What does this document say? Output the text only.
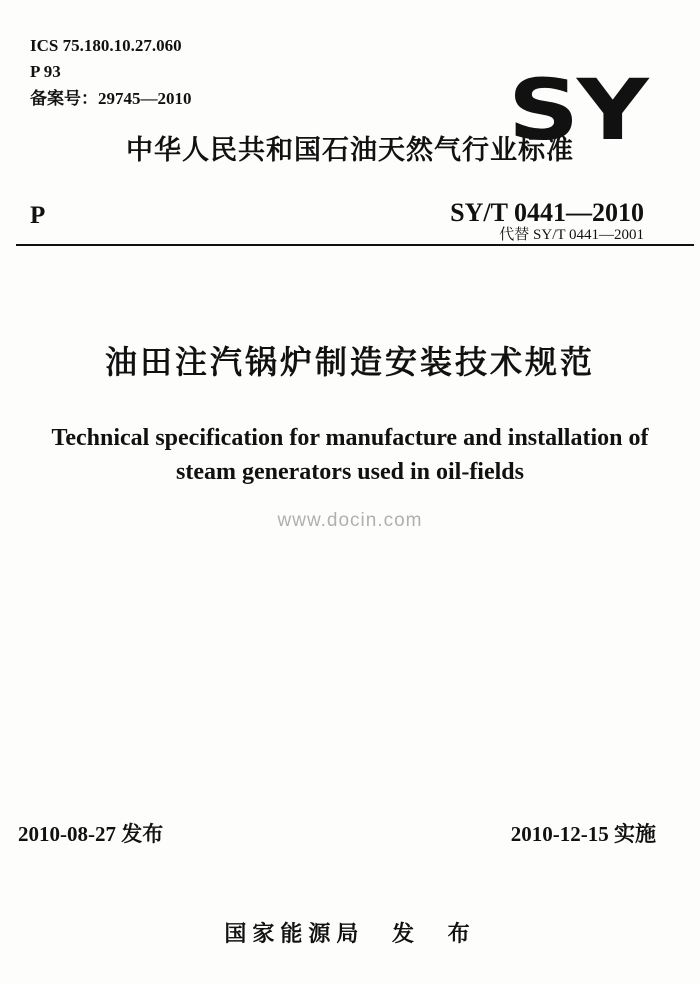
ICS 75.180.10.27.060
P 93
备案号：29745—2010	SY
中华人民共和国石油天然气行业标准
P	SY/T 0441—2010
代替 SY/T 0441—2001
油田注汽锅炉制造安装技术规范
Technical specification for manufacture and installation of
steam generators used in oil-fields
www.docin.com
2010-08-27 发布	2010-12-15 实施
国家能源局 发 布
